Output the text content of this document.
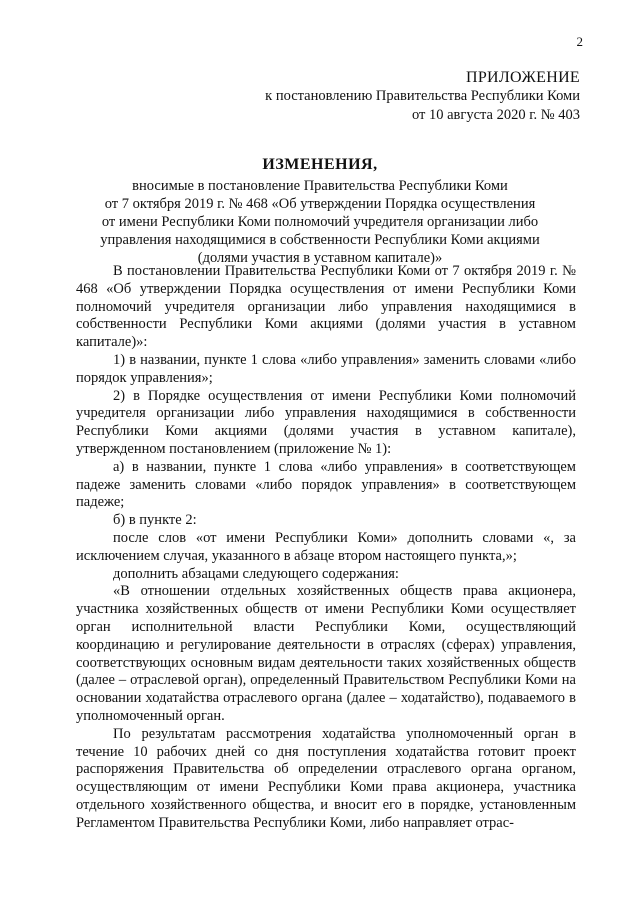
2
ПРИЛОЖЕНИЕ
к постановлению Правительства Республики Коми
от 10 августа 2020 г. № 403
ИЗМЕНЕНИЯ,
вносимые в постановление Правительства Республики Коми
от 7 октября 2019 г. № 468 «Об утверждении Порядка осуществления
от имени Республики Коми полномочий учредителя организации либо
управления находящимися в собственности Республики Коми акциями
(долями участия в уставном капитале)»

В постановлении Правительства Республики Коми от 7 октября 2019 г. № 468 «Об утверждении Порядка осуществления от имени Республики Коми полномочий учредителя организации либо управления находящимися в собственности Республики Коми акциями (долями участия в уставном капитале)»:

1) в названии, пункте 1 слова «либо управления» заменить словами «либо порядок управления»;

2) в Порядке осуществления от имени Республики Коми полномочий учредителя организации либо управления находящимися в собственности Республики Коми акциями (долями участия в уставном капитале), утвержденном постановлением (приложение № 1):

а) в названии, пункте 1 слова «либо управления» в соответствующем падеже заменить словами «либо порядок управления» в соответствующем падеже;

б) в пункте 2:

после слов «от имени Республики Коми» дополнить словами «, за исключением случая, указанного в абзаце втором настоящего пункта,»;

дополнить абзацами следующего содержания:

«В отношении отдельных хозяйственных обществ права акционера, участника хозяйственных обществ от имени Республики Коми осуществляет орган исполнительной власти Республики Коми, осуществляющий координацию и регулирование деятельности в отраслях (сферах) управления, соответствующих основным видам деятельности таких хозяйственных обществ (далее – отраслевой орган), определенный Правительством Республики Коми на основании ходатайства отраслевого органа (далее – ходатайство), подаваемого в уполномоченный орган.

По результатам рассмотрения ходатайства уполномоченный орган в течение 10 рабочих дней со дня поступления ходатайства готовит проект распоряжения Правительства об определении отраслевого органа органом, осуществляющим от имени Республики Коми права акционера, участника отдельного хозяйственного общества, и вносит его в порядке, установленным Регламентом Правительства Республики Коми, либо направляет отрас-
